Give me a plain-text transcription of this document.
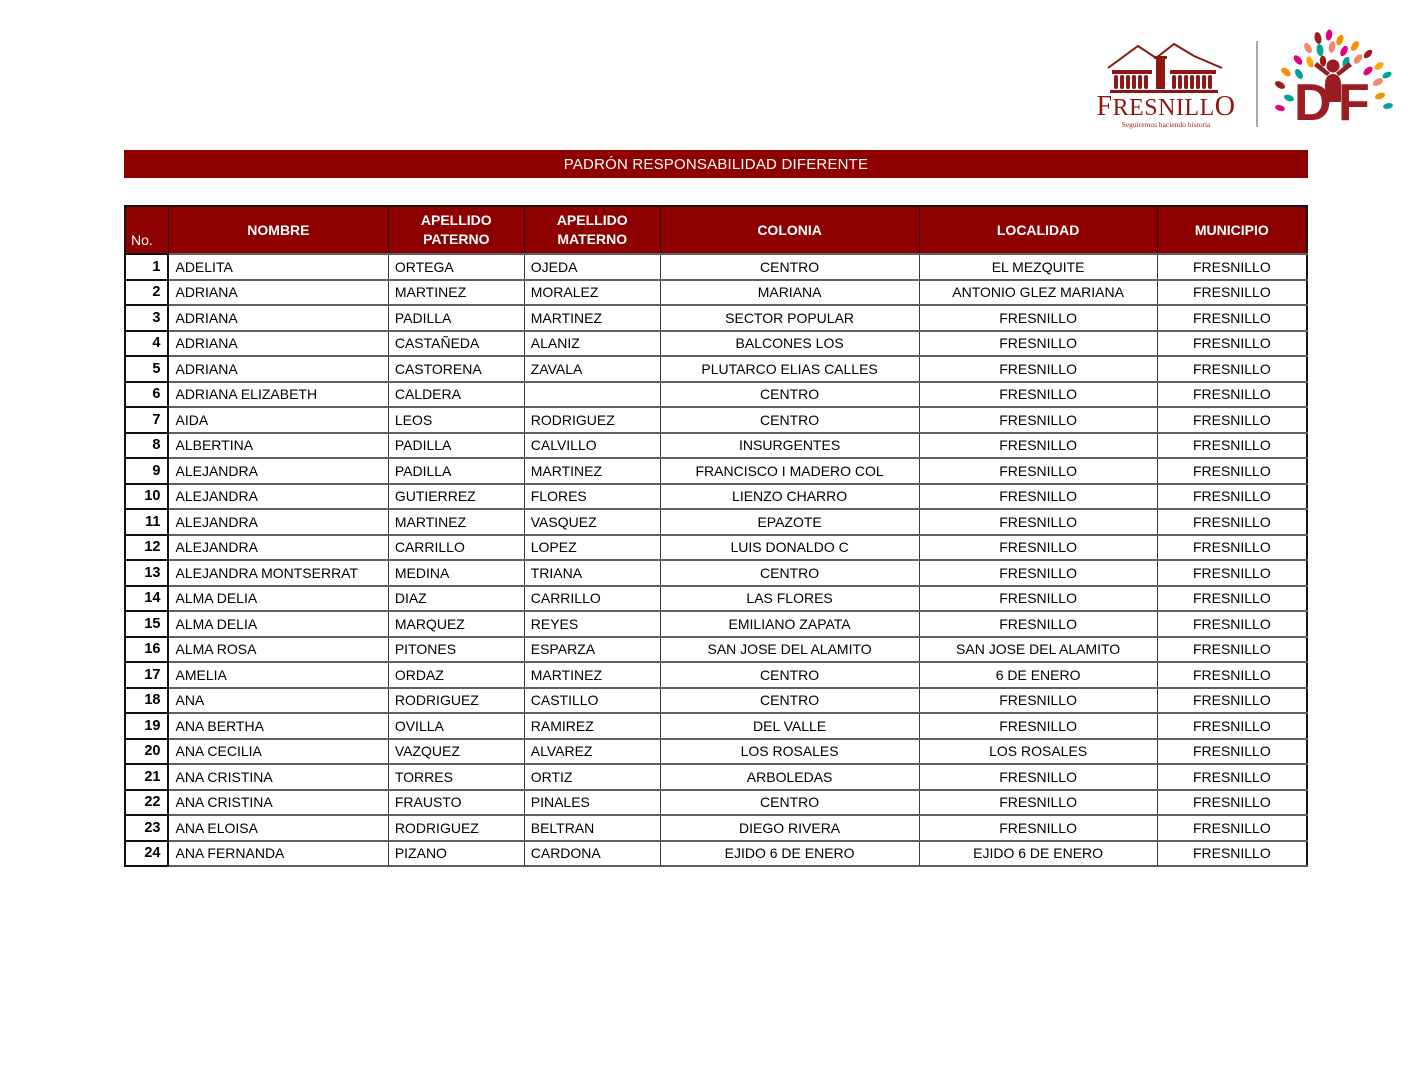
FRESNILLO
Seguiremos haciendo historia D F
PADRÓN RESPONSABILIDAD DIFERENTE
No.	NOMBRE	APELLIDO PATERNO	APELLIDO MATERNO	COLONIA	LOCALIDAD	MUNICIPIO
1	ADELITA	ORTEGA	OJEDA	CENTRO	EL MEZQUITE	FRESNILLO
2	ADRIANA	MARTINEZ	MORALEZ	MARIANA	ANTONIO GLEZ MARIANA	FRESNILLO
3	ADRIANA	PADILLA	MARTINEZ	SECTOR POPULAR	FRESNILLO	FRESNILLO
4	ADRIANA	CASTAÑEDA	ALANIZ	BALCONES LOS	FRESNILLO	FRESNILLO
5	ADRIANA	CASTORENA	ZAVALA	PLUTARCO ELIAS CALLES	FRESNILLO	FRESNILLO
6	ADRIANA ELIZABETH	CALDERA		CENTRO	FRESNILLO	FRESNILLO
7	AIDA	LEOS	RODRIGUEZ	CENTRO	FRESNILLO	FRESNILLO
8	ALBERTINA	PADILLA	CALVILLO	INSURGENTES	FRESNILLO	FRESNILLO
9	ALEJANDRA	PADILLA	MARTINEZ	FRANCISCO I MADERO COL	FRESNILLO	FRESNILLO
10	ALEJANDRA	GUTIERREZ	FLORES	LIENZO CHARRO	FRESNILLO	FRESNILLO
11	ALEJANDRA	MARTINEZ	VASQUEZ	EPAZOTE	FRESNILLO	FRESNILLO
12	ALEJANDRA	CARRILLO	LOPEZ	LUIS DONALDO C	FRESNILLO	FRESNILLO
13	ALEJANDRA MONTSERRAT	MEDINA	TRIANA	CENTRO	FRESNILLO	FRESNILLO
14	ALMA DELIA	DIAZ	CARRILLO	LAS FLORES	FRESNILLO	FRESNILLO
15	ALMA DELIA	MARQUEZ	REYES	EMILIANO ZAPATA	FRESNILLO	FRESNILLO
16	ALMA ROSA	PITONES	ESPARZA	SAN JOSE DEL ALAMITO	SAN JOSE DEL ALAMITO	FRESNILLO
17	AMELIA	ORDAZ	MARTINEZ	CENTRO	6 DE ENERO	FRESNILLO
18	ANA	RODRIGUEZ	CASTILLO	CENTRO	FRESNILLO	FRESNILLO
19	ANA BERTHA	OVILLA	RAMIREZ	DEL VALLE	FRESNILLO	FRESNILLO
20	ANA CECILIA	VAZQUEZ	ALVAREZ	LOS ROSALES	LOS ROSALES	FRESNILLO
21	ANA CRISTINA	TORRES	ORTIZ	ARBOLEDAS	FRESNILLO	FRESNILLO
22	ANA CRISTINA	FRAUSTO	PINALES	CENTRO	FRESNILLO	FRESNILLO
23	ANA ELOISA	RODRIGUEZ	BELTRAN	DIEGO RIVERA	FRESNILLO	FRESNILLO
24	ANA FERNANDA	PIZANO	CARDONA	EJIDO 6 DE ENERO	EJIDO 6 DE ENERO	FRESNILLO
